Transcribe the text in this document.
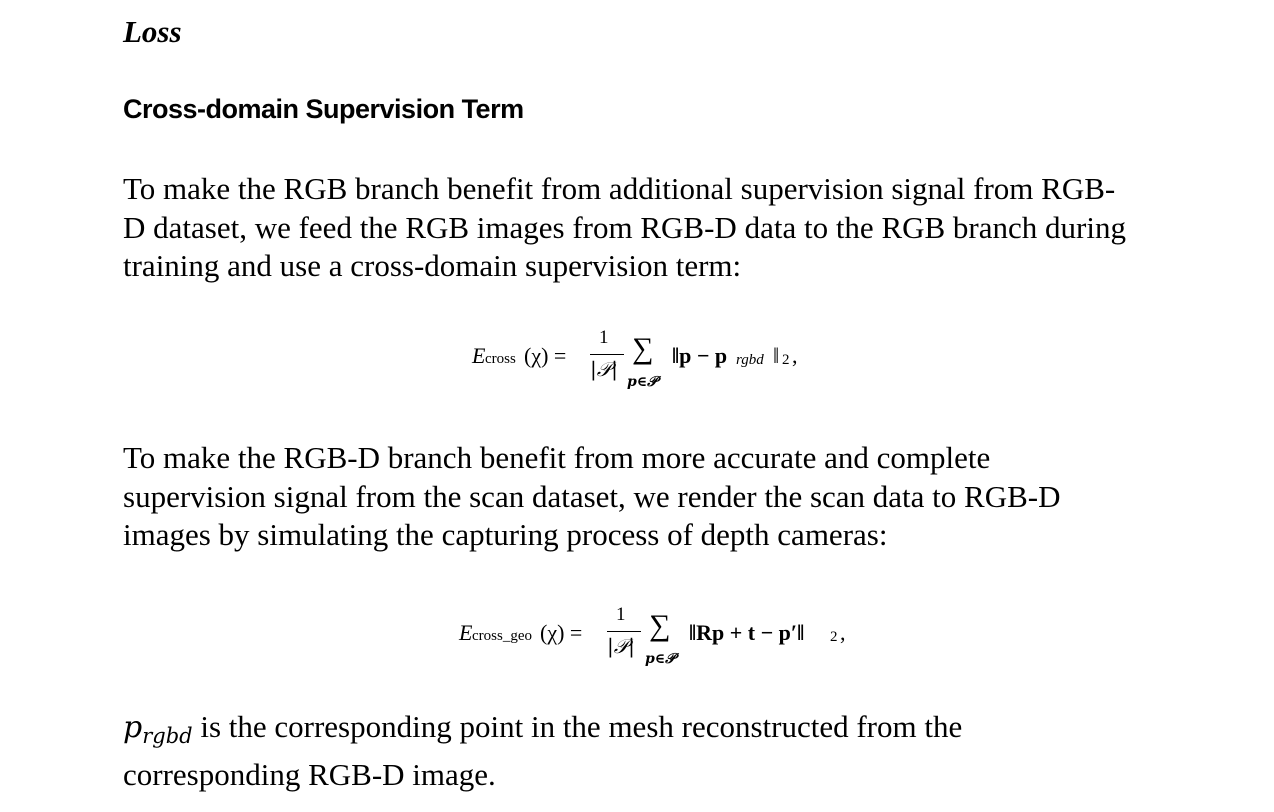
Loss
Cross-domain Supervision Term

To make the RGB branch benefit from additional supervision signal from RGB-
D dataset, we feed the RGB images from RGB-D data to the RGB branch during
training and use a cross-domain supervision term:

E cross (χ) =
1
|𝒫|
∑
p∈𝒫
‖p − p rgbd ‖ 2 ,

To make the RGB-D branch benefit from more accurate and complete
supervision signal from the scan dataset, we render the scan data to RGB-D
images by simulating the capturing process of depth cameras:

E cross_geo (χ) =
1
|𝒫|
∑
p∈𝒫
‖Rp + t − p′‖ 2 ,

$p_{rgbd}$ is the corresponding point in the mesh reconstructed from the
corresponding RGB-D image.
